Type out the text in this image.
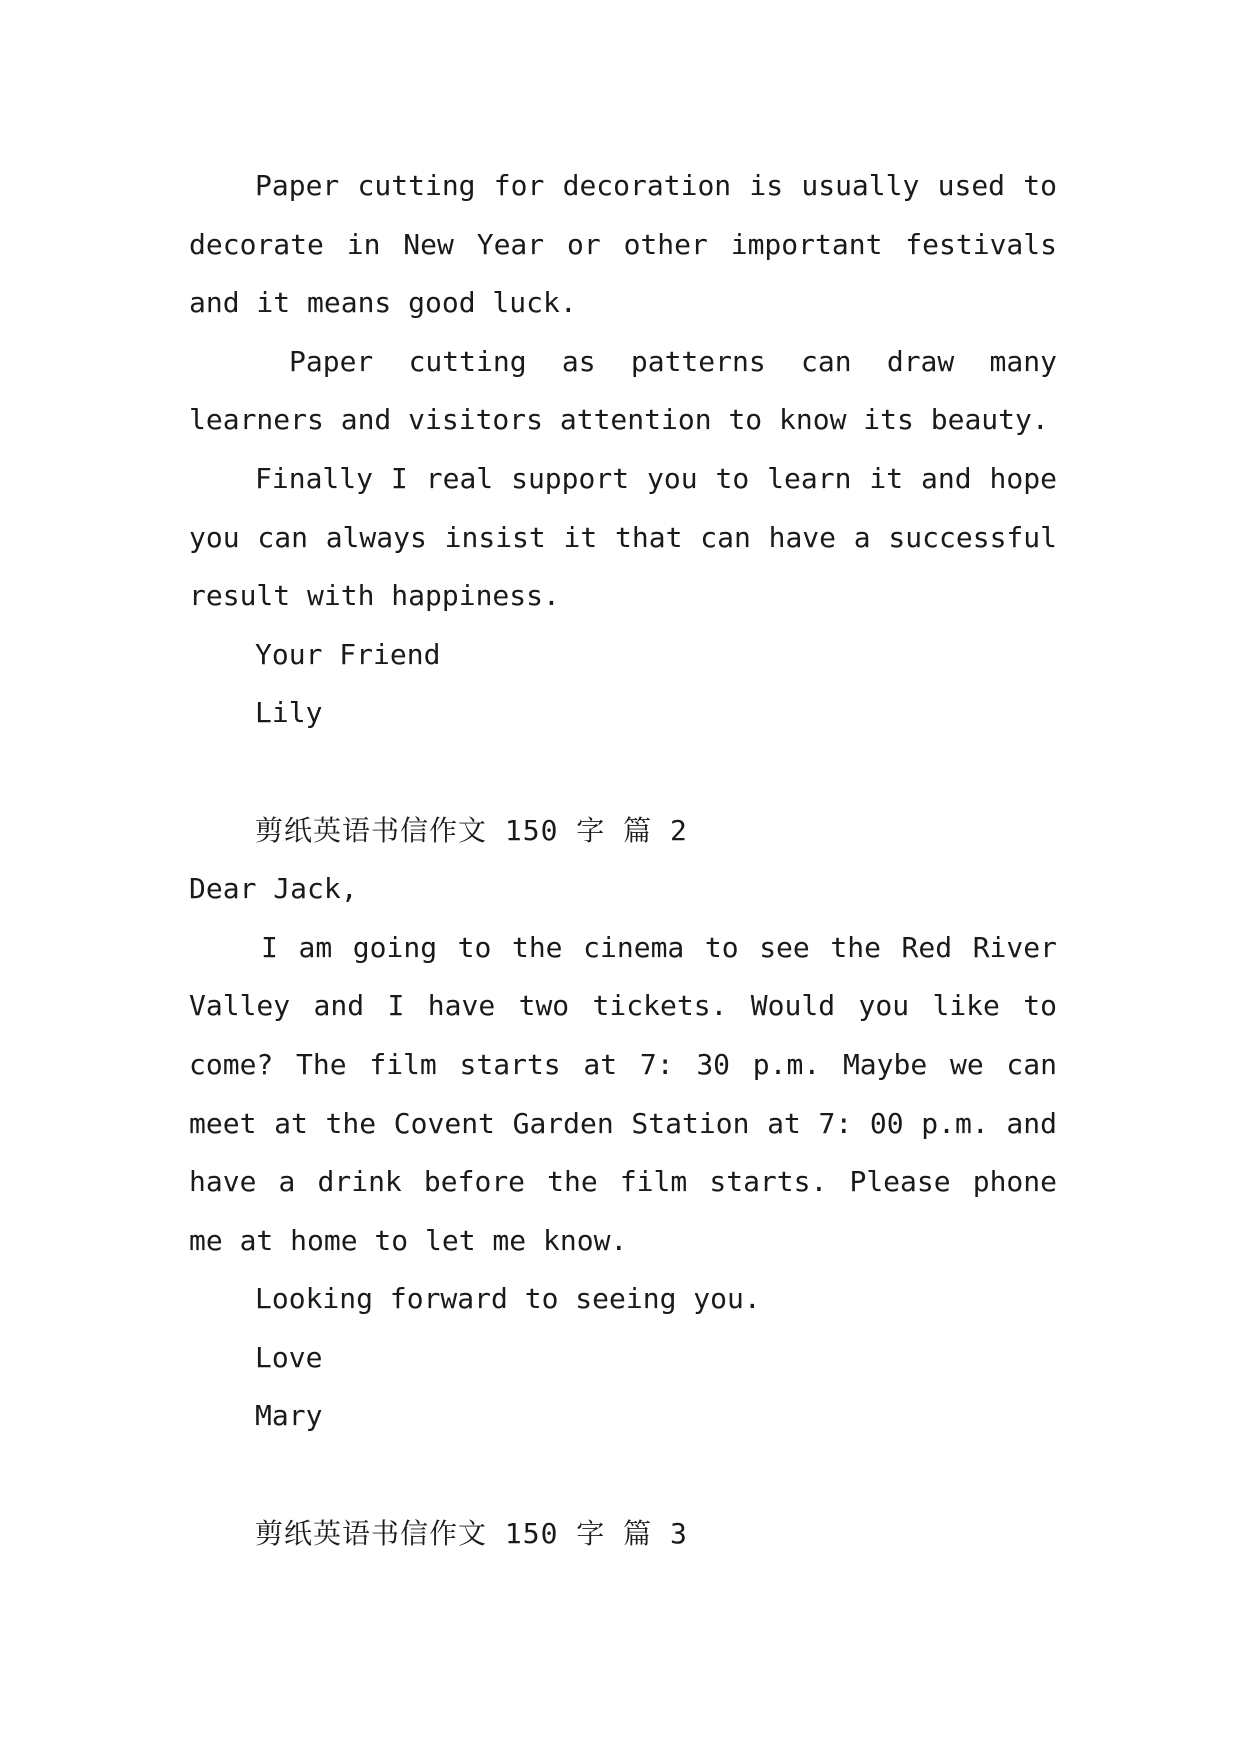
Paper cutting for decoration is usually used to decorate in New Year or other important festivals and it means good luck.

Paper cutting as patterns can draw many learners and visitors attention to know its beauty.

Finally I real support you to learn it and hope you can always insist it that can have a successful result with happiness.

Your Friend

Lily

剪纸英语书信作文 150 字 篇 2

Dear Jack,

I am going to the cinema to see the Red River Valley and I have two tickets. Would you like to come? The film starts at 7: 30 p.m. Maybe we can meet at the Covent Garden Station at 7: 00 p.m. and have a drink before the film starts. Please phone me at home to let me know.

Looking forward to seeing you.

Love

Mary

剪纸英语书信作文 150 字 篇 3
